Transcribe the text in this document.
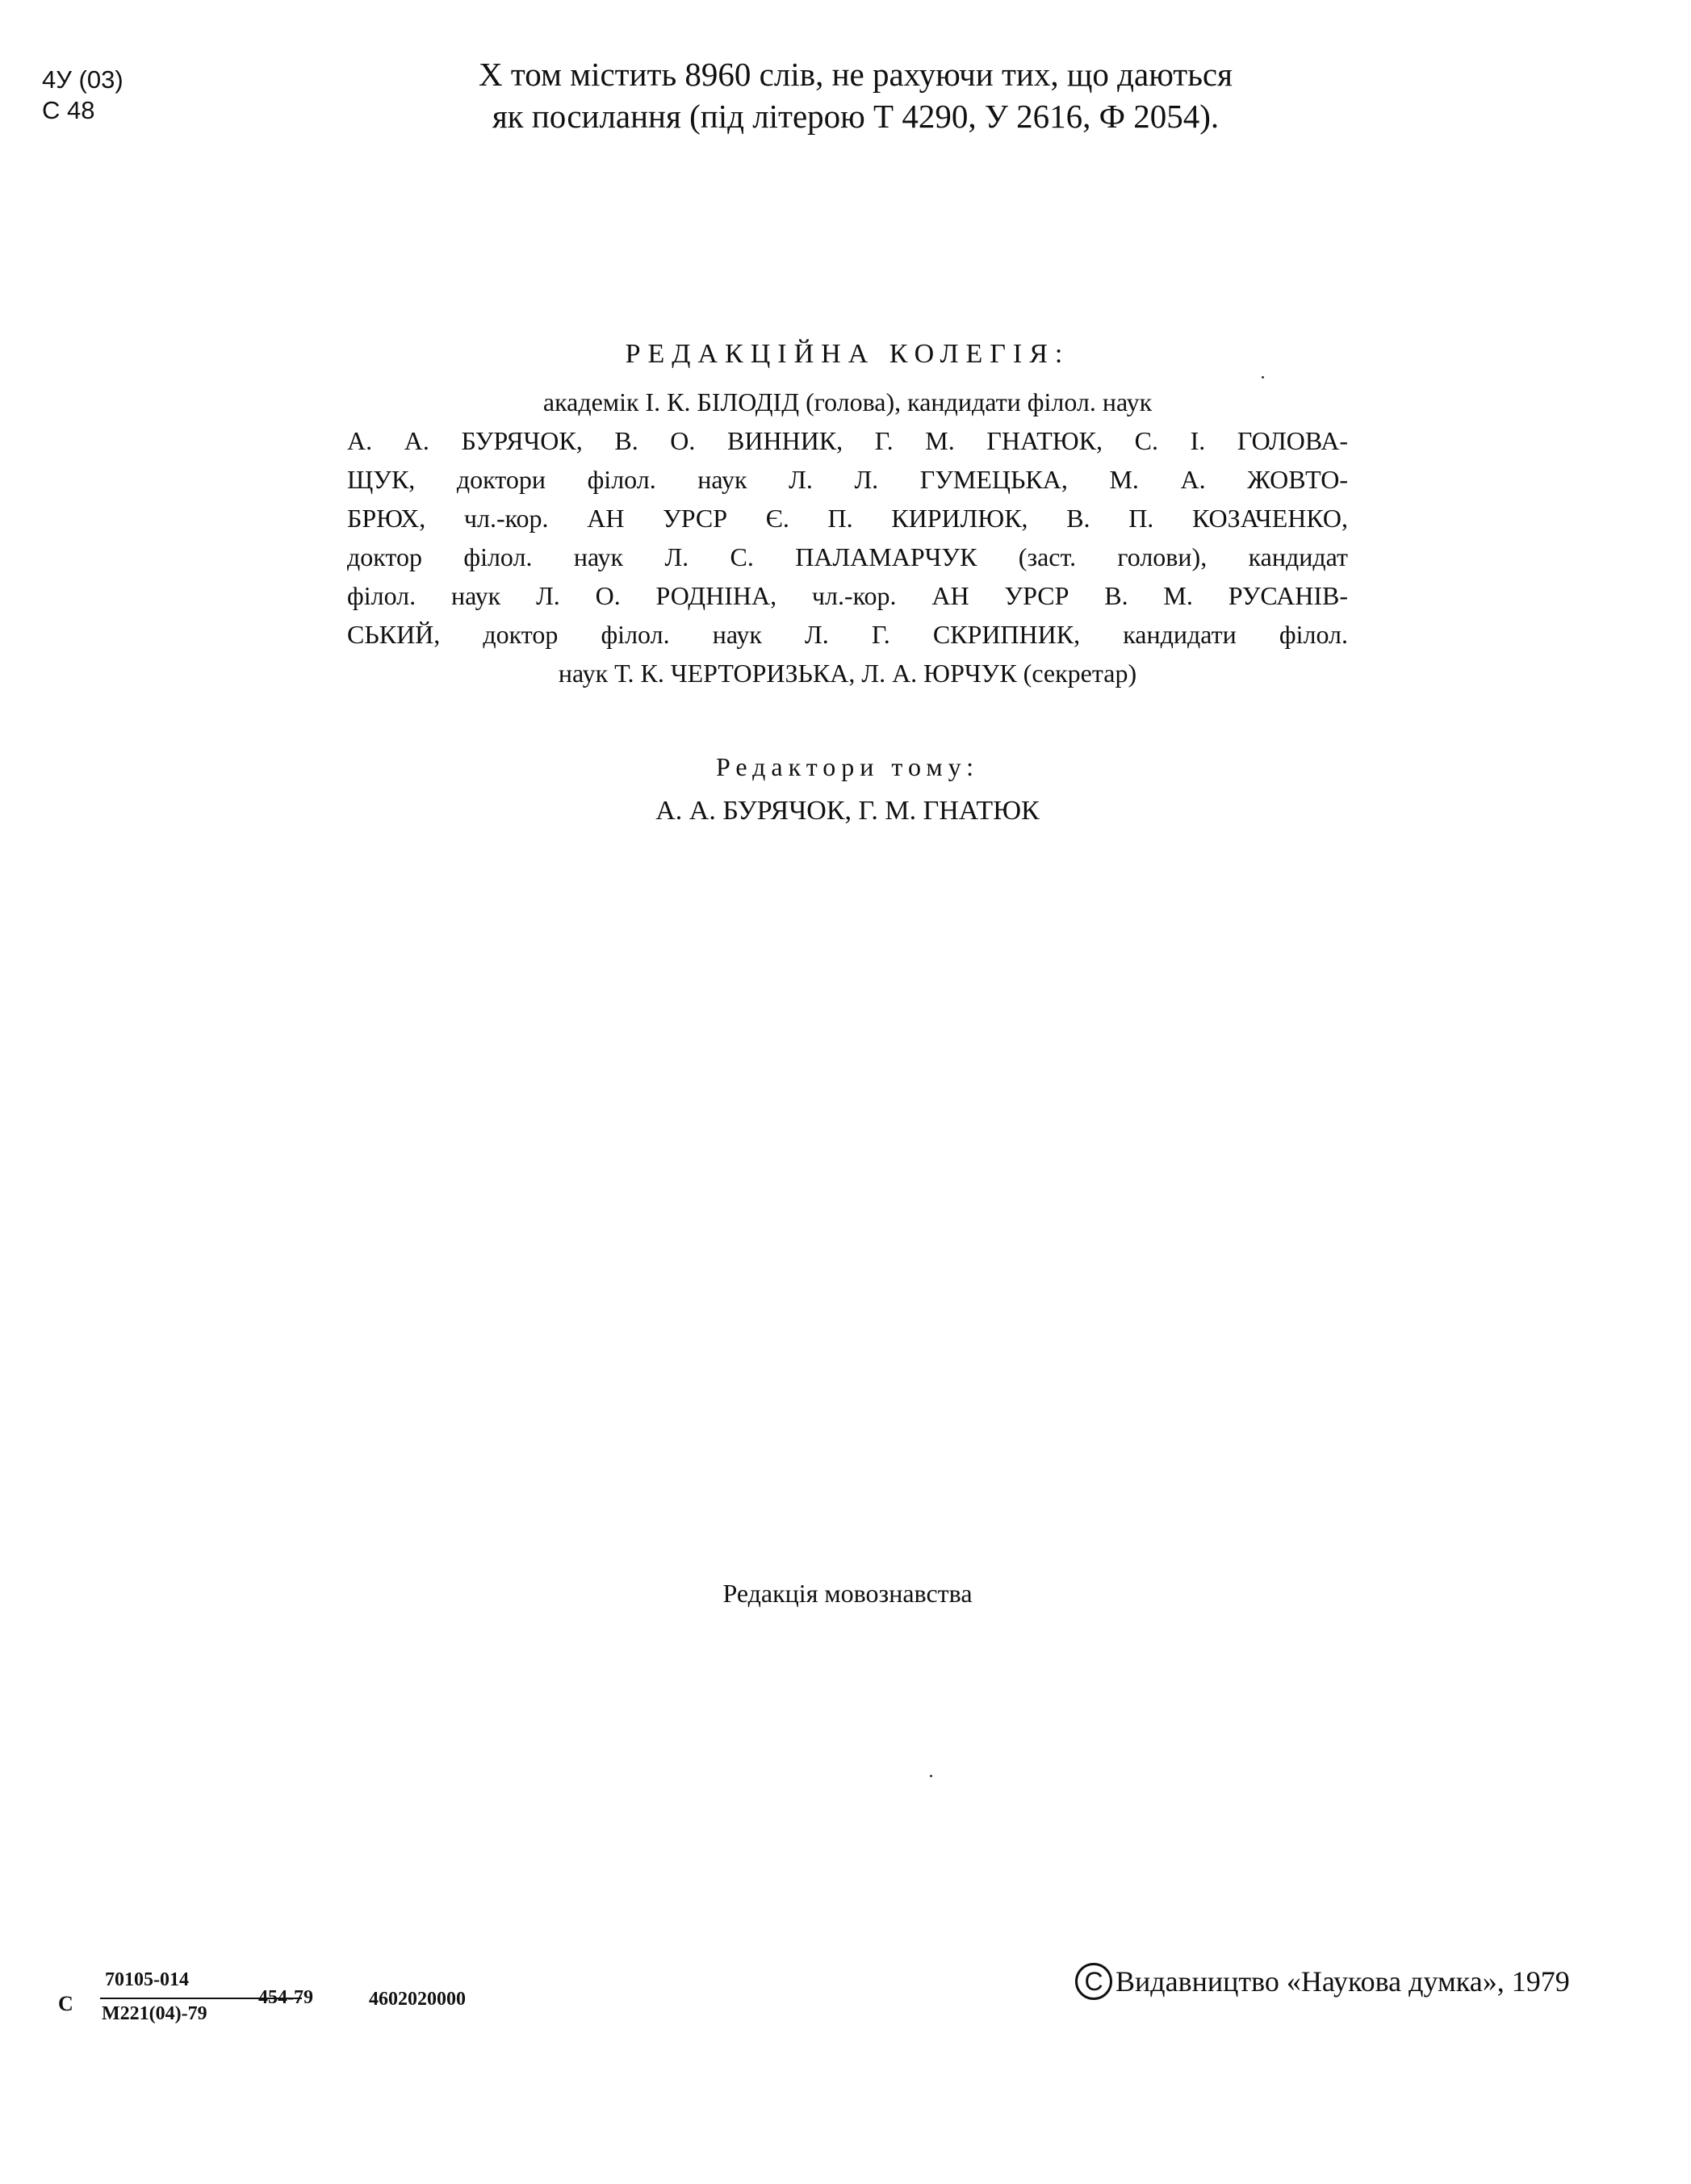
4У (03)
С 48
X том містить 8960 слів, не рахуючи тих, що даються
як посилання (під літерою Т 4290, У 2616, Ф 2054).
РЕДАКЦІЙНА КОЛЕГІЯ:
академік І. К. БІЛОДІД (голова), кандидати філол. наук
А. А. БУРЯЧОК, В. О. ВИННИК, Г. М. ГНАТЮК, С. І. ГОЛОВА-
ЩУК, доктори філол. наук Л. Л. ГУМЕЦЬКА, М. А. ЖОВТО-
БРЮХ, чл.-кор. АН УРСР Є. П. КИРИЛЮК, В. П. КОЗАЧЕНКО,
доктор філол. наук Л. С. ПАЛАМАРЧУК (заст. голови), кандидат
філол. наук Л. О. РОДНІНА, чл.-кор. АН УРСР В. М. РУСАНІВ-
СЬКИЙ, доктор філол. наук Л. Г. СКРИПНИК, кандидати філол.
наук Т. К. ЧЕРТОРИЗЬКА, Л. А. ЮРЧУК (секретар)
Редактори тому:
А. А. БУРЯЧОК, Г. М. ГНАТЮК
Редакція мовознавства
С
70105-014
М221(04)-79
454-79	4602020000
C Видавництво «Наукова думка», 1979
